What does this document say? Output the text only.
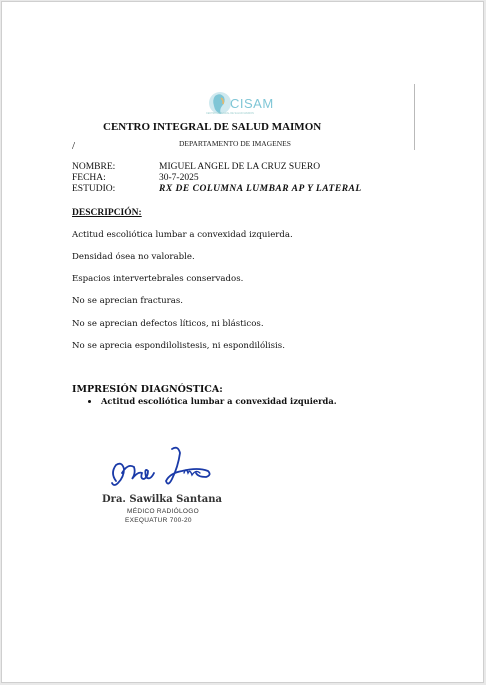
CISAM
CENTRO INTEGRAL DE SALUD MAIMON
CENTRO INTEGRAL DE SALUD MAIMON
DEPARTAMENTO DE IMAGENES
/
NOMBRE:	MIGUEL ANGEL DE LA CRUZ SUERO
FECHA:	30-7-2025
ESTUDIO:	RX DE COLUMNA LUMBAR AP Y LATERAL
DESCRIPCIÓN:
Actitud escoliótica lumbar a convexidad izquierda.
Densidad ósea no valorable.
Espacios intervertebrales conservados.
No se aprecian fracturas.
No se aprecian defectos líticos, ni blásticos.
No se aprecia espondilolistesis, ni espondilólisis.
IMPRESIÓN DIAGNÓSTICA:
Actitud escoliótica lumbar a convexidad izquierda.
Dra. Sawilka Santana
MÉDICO RADIÓLOGO
EXEQUATUR 700-20
